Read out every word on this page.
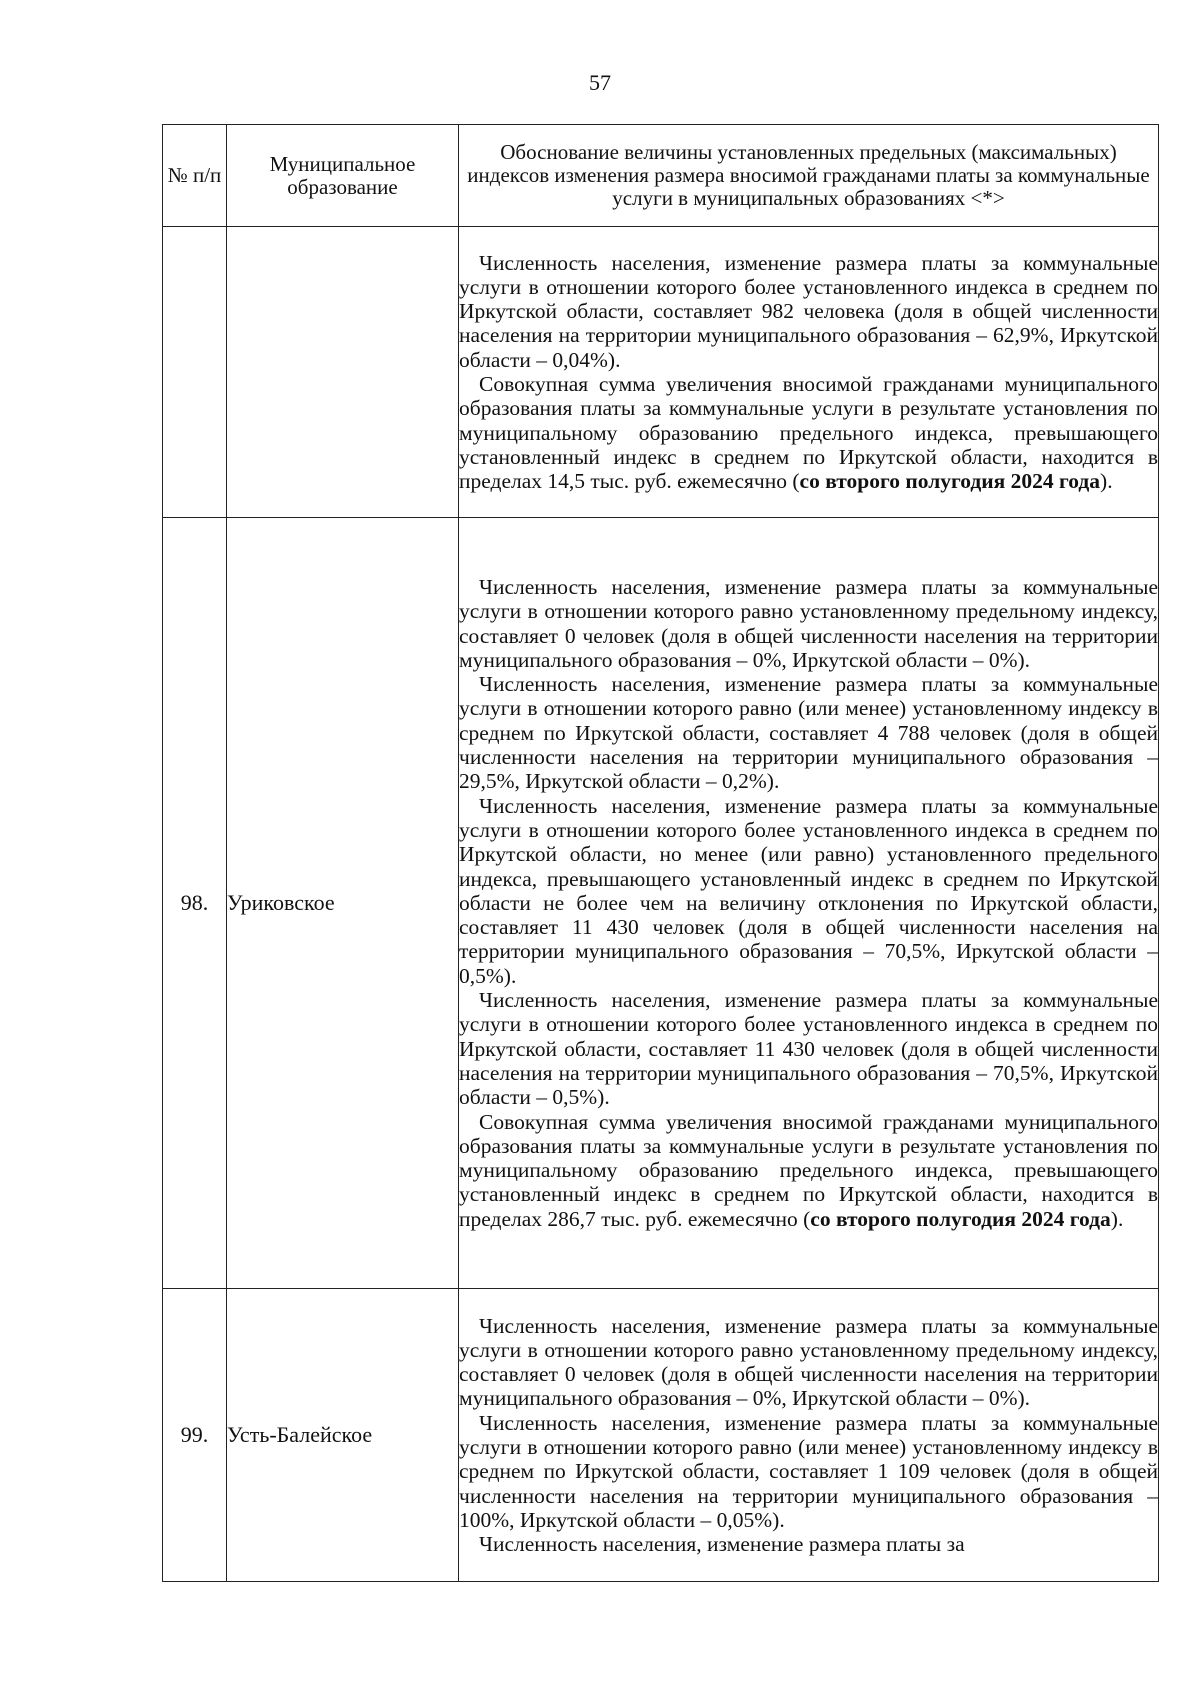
57
№ п/п	Муниципальное образование	Обоснование величины установленных предельных (максимальных) индексов изменения размера вносимой гражданами платы за коммунальные услуги в муниципальных образованиях <*>

		Численность населения, изменение размера платы за коммунальные услуги в отношении которого более установленного индекса в среднем по Иркутской области, составляет 982 человека (доля в общей численности населения на территории муниципального образования – 62,9%, Иркутской области – 0,04%).

Совокупная сумма увеличения вносимой гражданами муниципального образования платы за коммунальные услуги в результате установления по муниципальному образованию предельного индекса, превышающего установленный индекс в среднем по Иркутской области, находится в пределах 14,5 тыс. руб. ежемесячно (со второго полугодия 2024 года).

98.	Уриковское	Численность населения, изменение размера платы за коммунальные услуги в отношении которого равно установленному предельному индексу, составляет 0 человек (доля в общей численности населения на территории муниципального образования – 0%, Иркутской области – 0%).

Численность населения, изменение размера платы за коммунальные услуги в отношении которого равно (или менее) установленному индексу в среднем по Иркутской области, составляет 4 788 человек (доля в общей численности населения на территории муниципального образования – 29,5%, Иркутской области – 0,2%).

Численность населения, изменение размера платы за коммунальные услуги в отношении которого более установленного индекса в среднем по Иркутской области, но менее (или равно) установленного предельного индекса, превышающего установленный индекс в среднем по Иркутской области не более чем на величину отклонения по Иркутской области, составляет 11 430 человек (доля в общей численности населения на территории муниципального образования – 70,5%, Иркутской области – 0,5%).

Численность населения, изменение размера платы за коммунальные услуги в отношении которого более установленного индекса в среднем по Иркутской области, составляет 11 430 человек (доля в общей численности населения на территории муниципального образования – 70,5%, Иркутской области – 0,5%).

Совокупная сумма увеличения вносимой гражданами муниципального образования платы за коммунальные услуги в результате установления по муниципальному образованию предельного индекса, превышающего установленный индекс в среднем по Иркутской области, находится в пределах 286,7 тыс. руб. ежемесячно (со второго полугодия 2024 года).

99.	Усть-Балейское	Численность населения, изменение размера платы за коммунальные услуги в отношении которого равно установленному предельному индексу, составляет 0 человек (доля в общей численности населения на территории муниципального образования – 0%, Иркутской области – 0%).

Численность населения, изменение размера платы за коммунальные услуги в отношении которого равно (или менее) установленному индексу в среднем по Иркутской области, составляет 1 109 человек (доля в общей численности населения на территории муниципального образования – 100%, Иркутской области – 0,05%).

Численность населения, изменение размера платы за
